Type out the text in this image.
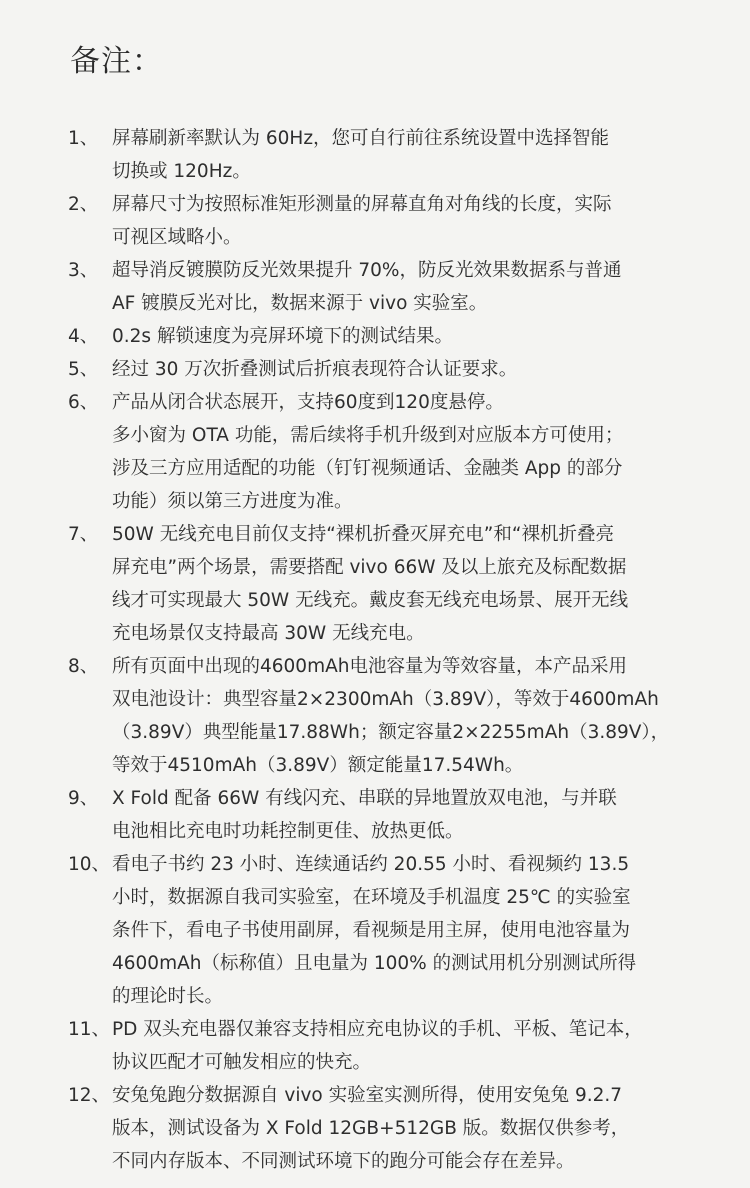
备注：
1、 屏幕刷新率默认为 60Hz，您可自行前往系统设置中选择智能
切换或 120Hz。
2、 屏幕尺寸为按照标准矩形测量的屏幕直角对角线的长度，实际
可视区域略小。
3、 超导消反镀膜防反光效果提升 70%，防反光效果数据系与普通
AF 镀膜反光对比，数据来源于 vivo 实验室。
4、 0.2s 解锁速度为亮屏环境下的测试结果。
5、 经过 30 万次折叠测试后折痕表现符合认证要求。
6、 产品从闭合状态展开，支持60度到120度悬停。
多小窗为 OTA 功能，需后续将手机升级到对应版本方可使用；
涉及三方应用适配的功能（钉钉视频通话、金融类 App 的部分
功能）须以第三方进度为准。
7、 50W 无线充电目前仅支持“裸机折叠灭屏充电”和“裸机折叠亮
屏充电”两个场景，需要搭配 vivo 66W 及以上旅充及标配数据
线才可实现最大 50W 无线充。戴皮套无线充电场景、展开无线
充电场景仅支持最高 30W 无线充电。
8、 所有页面中出现的4600mAh电池容量为等效容量，本产品采用
双电池设计：典型容量2×2300mAh（3.89V），等效于4600mAh
（3.89V）典型能量17.88Wh；额定容量2×2255mAh（3.89V），
等效于4510mAh（3.89V）额定能量17.54Wh。
9、 X Fold 配备 66W 有线闪充、串联的异地置放双电池，与并联
电池相比充电时功耗控制更佳、放热更低。
10、 看电子书约 23 小时、连续通话约 20.55 小时、看视频约 13.5
小时，数据源自我司实验室，在环境及手机温度 25℃ 的实验室
条件下，看电子书使用副屏，看视频是用主屏，使用电池容量为
4600mAh（标称值）且电量为 100% 的测试用机分别测试所得
的理论时长。
11、 PD 双头充电器仅兼容支持相应充电协议的手机、平板、笔记本，
协议匹配才可触发相应的快充。
12、 安兔兔跑分数据源自 vivo 实验室实测所得，使用安兔兔 9.2.7
版本，测试设备为 X Fold 12GB+512GB 版。数据仅供参考，
不同内存版本、不同测试环境下的跑分可能会存在差异。
